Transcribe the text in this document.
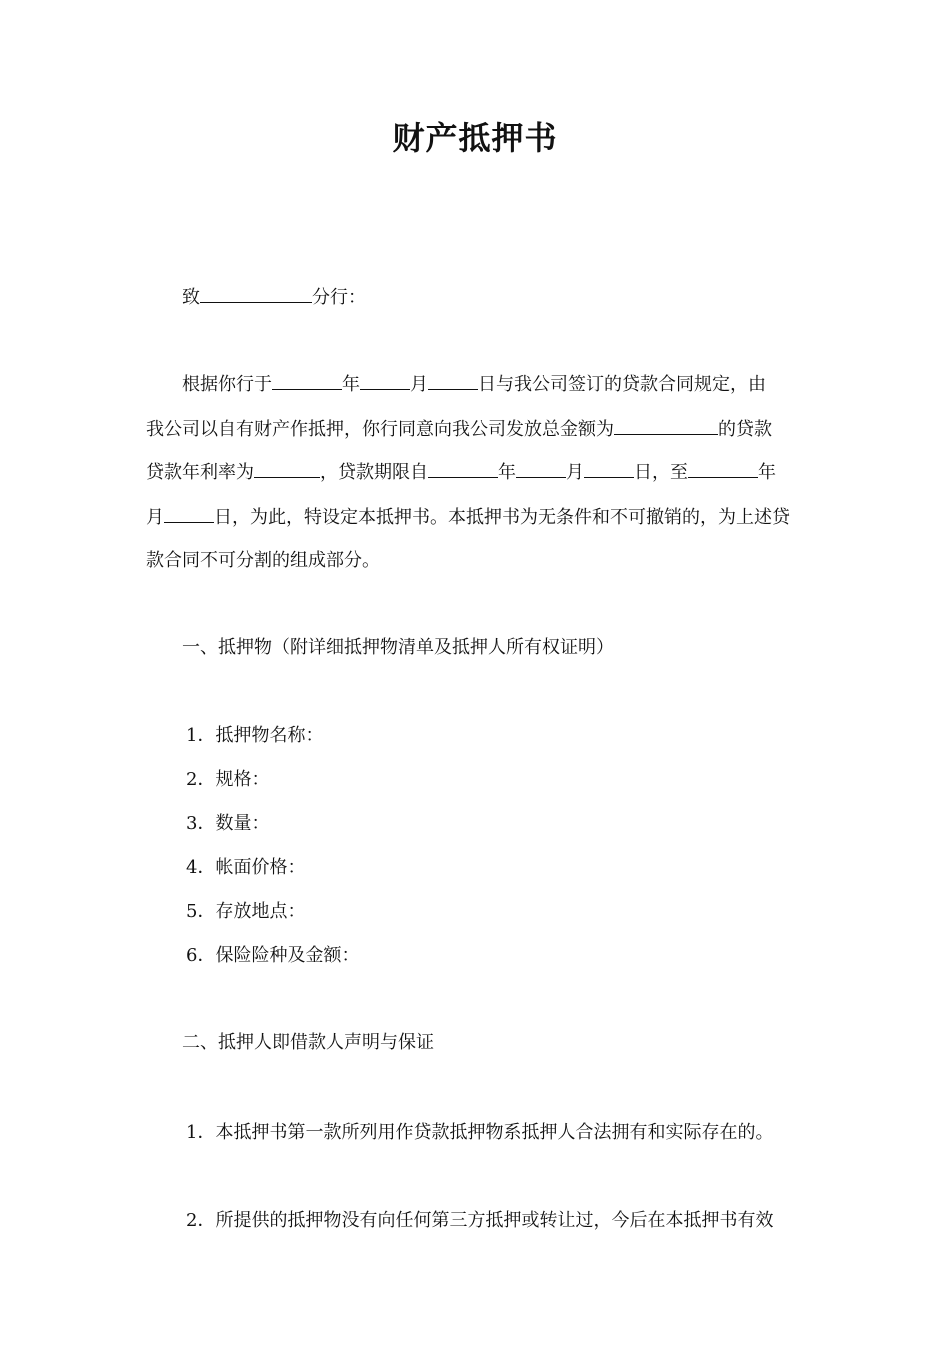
财产抵押书
致	分行：
根据你行于	年	月	日与我公司签订的贷款合同规定，由
我公司以自有财产作抵押，你行同意向我公司发放总金额为	的贷款
贷款年利率为	，贷款期限自	年	月	日，至	年
月	日，为此，特设定本抵押书。本抵押书为无条件和不可撤销的，为上述贷
款合同不可分割的组成部分。
一、抵押物（附详细抵押物清单及抵押人所有权证明）
1．抵押物名称：
2．规格：
3．数量：
4．帐面价格：
5．存放地点：
6．保险险种及金额：
二、抵押人即借款人声明与保证
1．本抵押书第一款所列用作贷款抵押物系抵押人合法拥有和实际存在的。
2．所提供的抵押物没有向任何第三方抵押或转让过，今后在本抵押书有效
